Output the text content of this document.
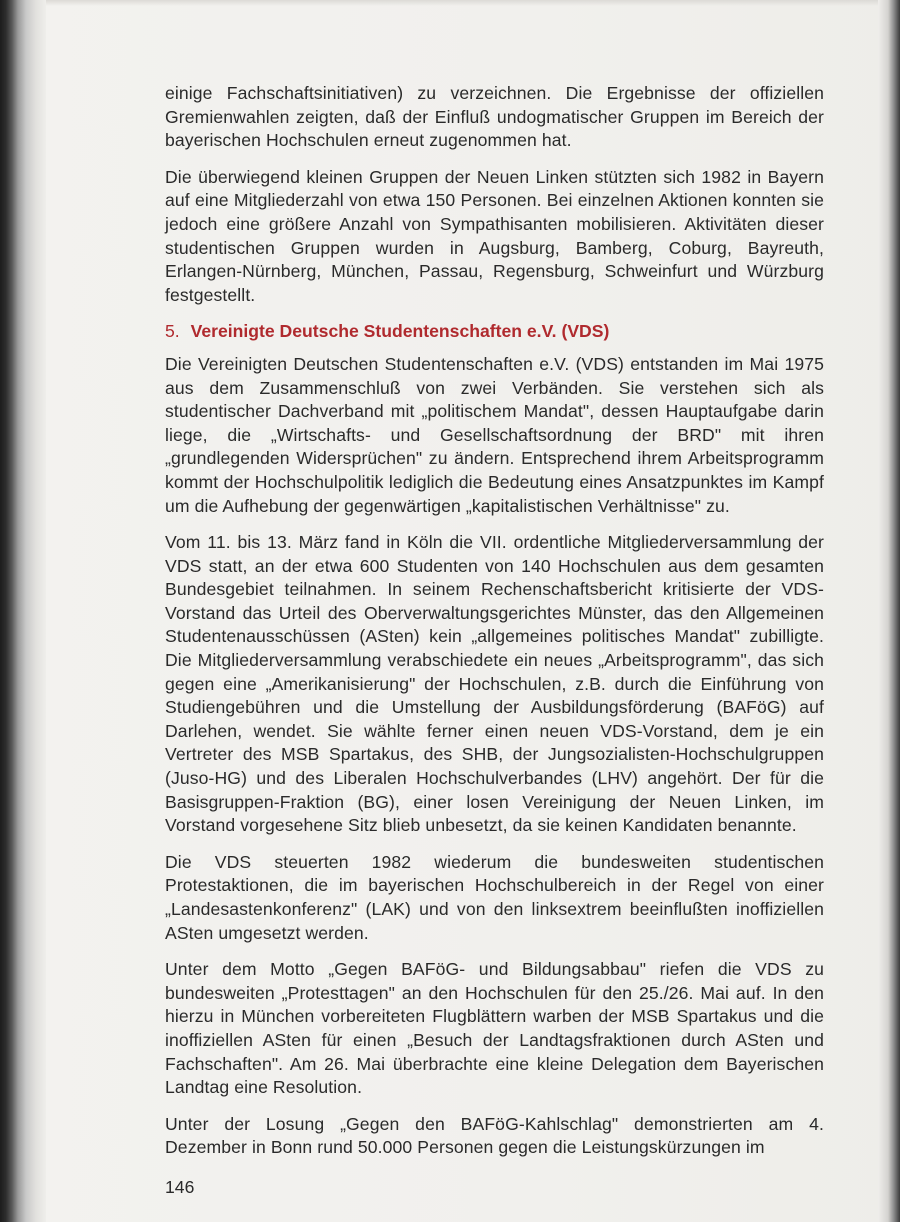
einige Fachschaftsinitiativen) zu verzeichnen. Die Ergebnisse der offiziellen Gremienwahlen zeigten, daß der Einfluß undogmatischer Gruppen im Bereich der bayerischen Hochschulen erneut zugenommen hat.

Die überwiegend kleinen Gruppen der Neuen Linken stützten sich 1982 in Bayern auf eine Mitgliederzahl von etwa 150 Personen. Bei einzelnen Aktionen konnten sie jedoch eine größere Anzahl von Sympathisanten mobilisieren. Aktivitäten dieser studentischen Gruppen wurden in Augsburg, Bamberg, Coburg, Bayreuth, Erlangen-Nürnberg, München, Passau, Regensburg, Schweinfurt und Würzburg festgestellt.

5. Vereinigte Deutsche Studentenschaften e.V. (VDS)

Die Vereinigten Deutschen Studentenschaften e.V. (VDS) entstanden im Mai 1975 aus dem Zusammenschluß von zwei Verbänden. Sie verstehen sich als studentischer Dachverband mit „politischem Mandat", dessen Hauptaufgabe darin liege, die „Wirtschafts- und Gesellschaftsordnung der BRD" mit ihren „grundlegenden Widersprüchen" zu ändern. Entsprechend ihrem Arbeitsprogramm kommt der Hochschulpolitik lediglich die Bedeutung eines Ansatzpunktes im Kampf um die Aufhebung der gegenwärtigen „kapitalistischen Verhältnisse" zu.

Vom 11. bis 13. März fand in Köln die VII. ordentliche Mitgliederversammlung der VDS statt, an der etwa 600 Studenten von 140 Hochschulen aus dem gesamten Bundesgebiet teilnahmen. In seinem Rechenschaftsbericht kritisierte der VDS-Vorstand das Urteil des Oberverwaltungsgerichtes Münster, das den Allgemeinen Studentenausschüssen (ASten) kein „allgemeines politisches Mandat" zubilligte. Die Mitgliederversammlung verabschiedete ein neues „Arbeitsprogramm", das sich gegen eine „Amerikanisierung" der Hochschulen, z.B. durch die Einführung von Studiengebühren und die Umstellung der Ausbildungsförderung (BAFöG) auf Darlehen, wendet. Sie wählte ferner einen neuen VDS-Vorstand, dem je ein Vertreter des MSB Spartakus, des SHB, der Jungsozialisten-Hochschulgruppen (Juso-HG) und des Liberalen Hochschulverbandes (LHV) angehört. Der für die Basisgruppen-Fraktion (BG), einer losen Vereinigung der Neuen Linken, im Vorstand vorgesehene Sitz blieb unbesetzt, da sie keinen Kandidaten benannte.

Die VDS steuerten 1982 wiederum die bundesweiten studentischen Protestaktionen, die im bayerischen Hochschulbereich in der Regel von einer „Landesastenkonferenz" (LAK) und von den linksextrem beeinflußten inoffiziellen ASten umgesetzt werden.

Unter dem Motto „Gegen BAFöG- und Bildungsabbau" riefen die VDS zu bundesweiten „Protesttagen" an den Hochschulen für den 25./26. Mai auf. In den hierzu in München vorbereiteten Flugblättern warben der MSB Spartakus und die inoffiziellen ASten für einen „Besuch der Landtagsfraktionen durch ASten und Fachschaften". Am 26. Mai überbrachte eine kleine Delegation dem Bayerischen Landtag eine Resolution.

Unter der Losung „Gegen den BAFöG-Kahlschlag" demonstrierten am 4. Dezember in Bonn rund 50.000 Personen gegen die Leistungskürzungen im

146
